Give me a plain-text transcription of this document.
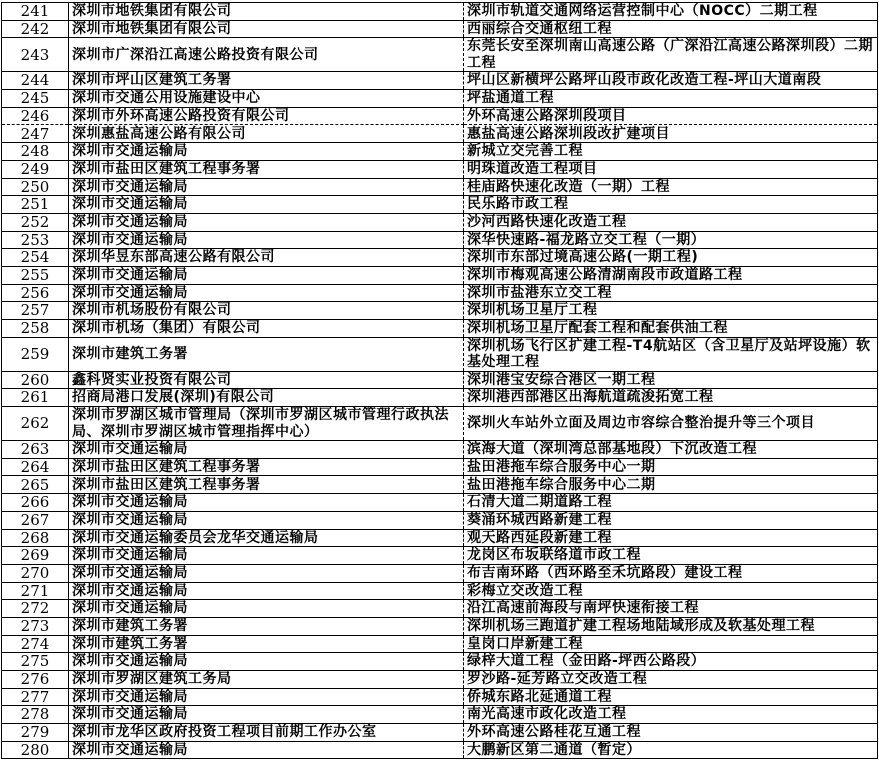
241	深圳市地铁集团有限公司	深圳市轨道交通网络运营控制中心（NOCC）二期工程
242	深圳市地铁集团有限公司	西丽综合交通枢纽工程
243	深圳市广深沿江高速公路投资有限公司	东莞长安至深圳南山高速公路（广深沿江高速公路深圳段）二期工程
244	深圳市坪山区建筑工务署	坪山区新横坪公路坪山段市政化改造工程-坪山大道南段
245	深圳市交通公用设施建设中心	坪盐通道工程
246	深圳市外环高速公路投资有限公司	外环高速公路深圳段项目
247	深圳惠盐高速公路有限公司	惠盐高速公路深圳段改扩建项目
248	深圳市交通运输局	新城立交完善工程
249	深圳市盐田区建筑工程事务署	明珠道改造工程项目
250	深圳市交通运输局	桂庙路快速化改造（一期）工程
251	深圳市交通运输局	民乐路市政工程
252	深圳市交通运输局	沙河西路快速化改造工程
253	深圳市交通运输局	深华快速路-福龙路立交工程（一期）
254	深圳华昱东部高速公路有限公司	深圳市东部过境高速公路(一期工程)
255	深圳市交通运输局	深圳市梅观高速公路清湖南段市政道路工程
256	深圳市交通运输局	深圳市盐港东立交工程
257	深圳市机场股份有限公司	深圳机场卫星厅工程
258	深圳市机场（集团）有限公司	深圳机场卫星厅配套工程和配套供油工程
259	深圳市建筑工务署	深圳机场飞行区扩建工程-T4航站区（含卫星厅及站坪设施）软基处理工程
260	鑫科贤实业投资有限公司	深圳港宝安综合港区一期工程
261	招商局港口发展(深圳)有限公司	深圳港西部港区出海航道疏浚拓宽工程
262	深圳市罗湖区城市管理局（深圳市罗湖区城市管理行政执法局、深圳市罗湖区城市管理指挥中心）	深圳火车站外立面及周边市容综合整治提升等三个项目
263	深圳市交通运输局	滨海大道（深圳湾总部基地段）下沉改造工程
264	深圳市盐田区建筑工程事务署	盐田港拖车综合服务中心一期
265	深圳市盐田区建筑工程事务署	盐田港拖车综合服务中心二期
266	深圳市交通运输局	石清大道二期道路工程
267	深圳市交通运输局	葵涌环城西路新建工程
268	深圳市交通运输委员会龙华交通运输局	观天路西延段新建工程
269	深圳市交通运输局	龙岗区布坂联络道市政工程
270	深圳市交通运输局	布吉南环路（西环路至禾坑路段）建设工程
271	深圳市交通运输局	彩梅立交改造工程
272	深圳市交通运输局	沿江高速前海段与南坪快速衔接工程
273	深圳市建筑工务署	深圳机场三跑道扩建工程场地陆域形成及软基处理工程
274	深圳市建筑工务署	皇岗口岸新建工程
275	深圳市交通运输局	绿梓大道工程（金田路-坪西公路段）
276	深圳市罗湖区建筑工务局	罗沙路-延芳路立交改造工程
277	深圳市交通运输局	侨城东路北延通道工程
278	深圳市交通运输局	南光高速市政化改造工程
279	深圳市龙华区政府投资工程项目前期工作办公室	外环高速公路桂花互通工程
280	深圳市交通运输局	大鹏新区第二通道（暂定）
